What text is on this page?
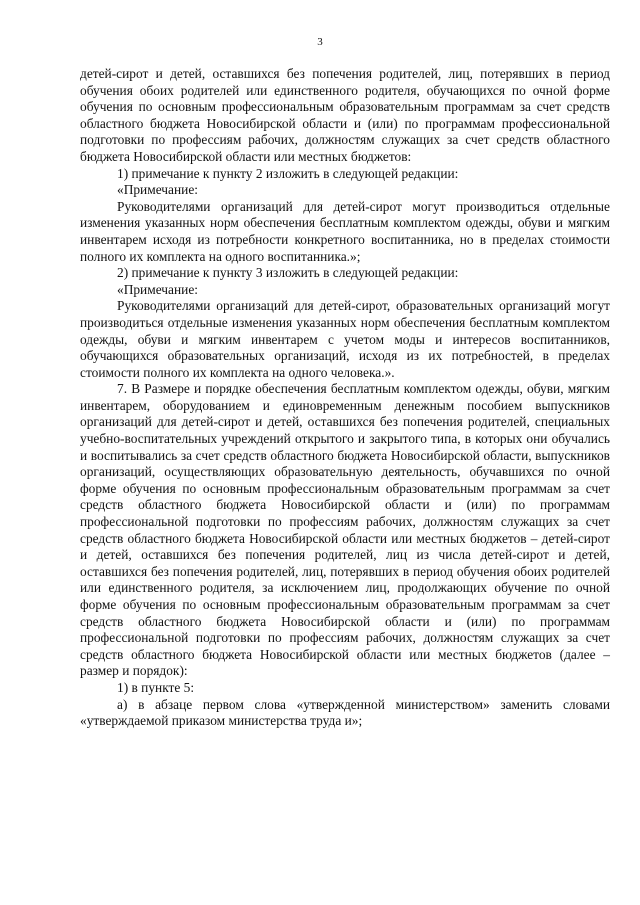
3

детей-сирот и детей, оставшихся без попечения родителей, лиц, потерявших в период обучения обоих родителей или единственного родителя, обучающихся по очной форме обучения по основным профессиональным образовательным программам за счет средств областного бюджета Новосибирской области и (или) по программам профессиональной подготовки по профессиям рабочих, должностям служащих за счет средств областного бюджета Новосибирской области или местных бюджетов:

1) примечание к пункту 2 изложить в следующей редакции:

«Примечание:

Руководителями организаций для детей-сирот могут производиться отдельные изменения указанных норм обеспечения бесплатным комплектом одежды, обуви и мягким инвентарем исходя из потребности конкретного воспитанника, но в пределах стоимости полного их комплекта на одного воспитанника.»;

2) примечание к пункту 3 изложить в следующей редакции:

«Примечание:

Руководителями организаций для детей-сирот, образовательных организаций могут производиться отдельные изменения указанных норм обеспечения бесплатным комплектом одежды, обуви и мягким инвентарем с учетом моды и интересов воспитанников, обучающихся образовательных организаций, исходя из их потребностей, в пределах стоимости полного их комплекта на одного человека.».

7. В Размере и порядке обеспечения бесплатным комплектом одежды, обуви, мягким инвентарем, оборудованием и единовременным денежным пособием выпускников организаций для детей-сирот и детей, оставшихся без попечения родителей, специальных учебно-воспитательных учреждений открытого и закрытого типа, в которых они обучались и воспитывались за счет средств областного бюджета Новосибирской области, выпускников организаций, осуществляющих образовательную деятельность, обучавшихся по очной форме обучения по основным профессиональным образовательным программам за счет средств областного бюджета Новосибирской области и (или) по программам профессиональной подготовки по профессиям рабочих, должностям служащих за счет средств областного бюджета Новосибирской области или местных бюджетов – детей-сирот и детей, оставшихся без попечения родителей, лиц из числа детей-сирот и детей, оставшихся без попечения родителей, лиц, потерявших в период обучения обоих родителей или единственного родителя, за исключением лиц, продолжающих обучение по очной форме обучения по основным профессиональным образовательным программам за счет средств областного бюджета Новосибирской области и (или) по программам профессиональной подготовки по профессиям рабочих, должностям служащих за счет средств областного бюджета Новосибирской области или местных бюджетов (далее – размер и порядок):

1) в пункте 5:

а) в абзаце первом слова «утвержденной министерством» заменить словами «утверждаемой приказом министерства труда и»;
